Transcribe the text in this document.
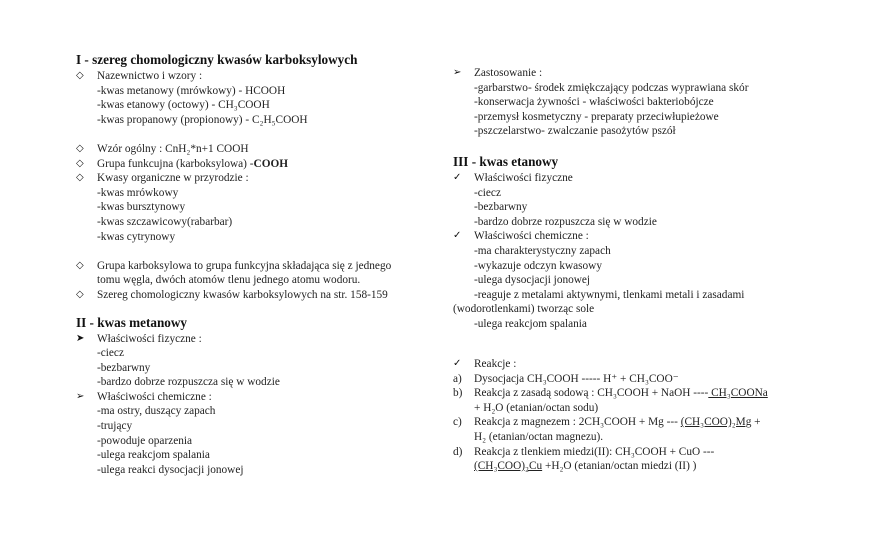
I - szereg chomologiczny kwasów karboksylowych
◇	Nazewnictwo i wzory :
-kwas metanowy (mrówkowy) - HCOOH
-kwas etanowy (octowy) - CH₃COOH
-kwas propanowy (propionowy) - C₂H₅COOH
◇	Wzór ogólny : CnH₂*n+1 COOH
◇	Grupa funkcujna (karboksylowa) -COOH
◇	Kwasy organiczne w przyrodzie :
-kwas mrówkowy
-kwas bursztynowy
-kwas szczawicowy(rabarbar)
-kwas cytrynowy
◇	Grupa karboksylowa to grupa funkcyjna składająca się z jednego
tomu węgla, dwóch atomów tlenu jednego atomu wodoru.
◇	Szereg chomologiczny kwasów karboksylowych na str. 158-159
II - kwas metanowy
➤	Właściwości fizyczne :
-ciecz
-bezbarwny
-bardzo dobrze rozpuszcza się w wodzie
➢	Właściwości chemiczne :
-ma ostry, duszący zapach
-trujący
-powoduje oparzenia
-ulega reakcjom spalania
-ulega reakci dysocjacji jonowej
➢	Zastosowanie :
-garbarstwo- środek zmiękczający podczas wyprawiana skór
-konserwacja żywności - właściwości bakteriobójcze
-przemysł kosmetyczny - preparaty przeciwłupieżowe
-pszczelarstwo- zwalczanie pasożytów pszół
III - kwas etanowy
✓	Właściwości fizyczne
-ciecz
-bezbarwny
-bardzo dobrze rozpuszcza się w wodzie
✓	Właściwości chemiczne :
-ma charakterystyczny zapach
-wykazuje odczyn kwasowy
-ulega dysocjacji jonowej
-reaguje z metalami aktywnymi, tlenkami metali i zasadami
(wodorotlenkami) tworząc sole
-ulega reakcjom spalania
✓	Reakcje :
a)	Dysocjacja CH₃COOH ----- H⁺ + CH₃COO⁻
b)	Reakcja z zasadą sodową : CH₃COOH + NaOH ---- CH₃COONa
+ H₂O (etanian/octan sodu)
c)	Reakcja z magnezem : 2CH₃COOH + Mg --- (CH₃COO)₂Mg +
H₂ (etanian/octan magnezu).
d)	Reakcja z tlenkiem miedzi(II): CH₃COOH + CuO ---
(CH₃COO)₂Cu +H₂O (etanian/octan miedzi (II) )
